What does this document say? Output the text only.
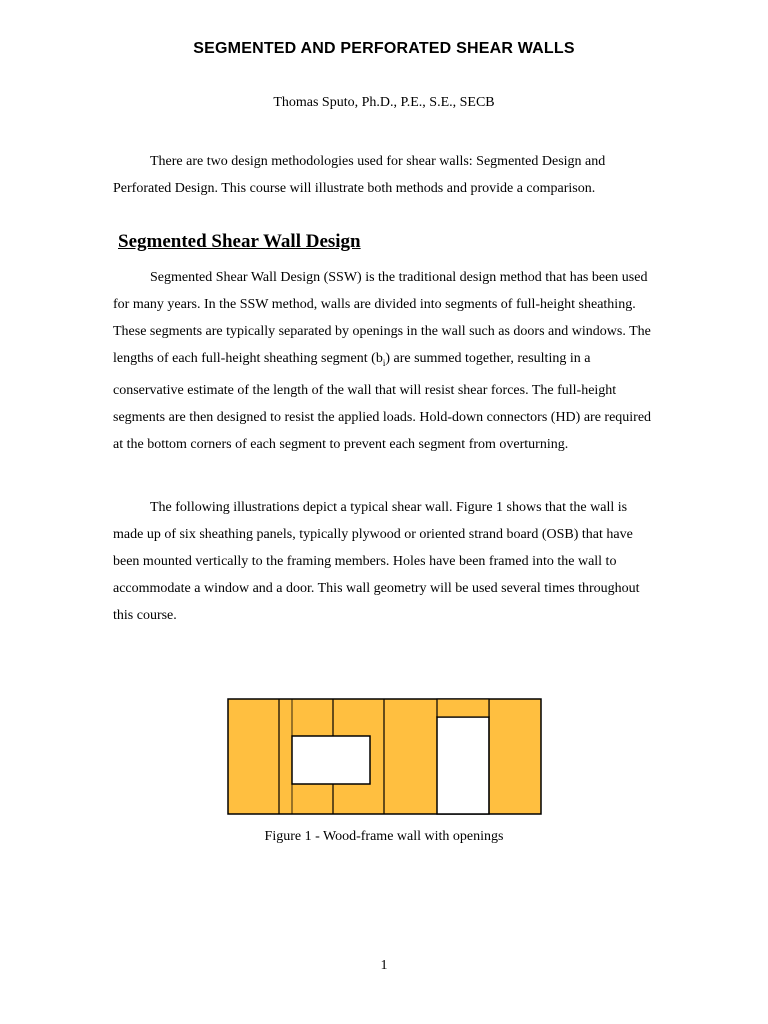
SEGMENTED AND PERFORATED SHEAR WALLS

Thomas Sputo, Ph.D., P.E., S.E., SECB

There are two design methodologies used for shear walls: Segmented Design and Perforated Design. This course will illustrate both methods and provide a comparison.

Segmented Shear Wall Design

Segmented Shear Wall Design (SSW) is the traditional design method that has been used for many years. In the SSW method, walls are divided into segments of full-height sheathing. These segments are typically separated by openings in the wall such as doors and windows. The lengths of each full-height sheathing segment $(b_i)$ are summed together, resulting in a conservative estimate of the length of the wall that will resist shear forces. The full-height segments are then designed to resist the applied loads. Hold-down connectors (HD) are required at the bottom corners of each segment to prevent each segment from overturning.

The following illustrations depict a typical shear wall. Figure 1 shows that the wall is made up of six sheathing panels, typically plywood or oriented strand board (OSB) that have been mounted vertically to the framing members. Holes have been framed into the wall to accommodate a window and a door. This wall geometry will be used several times throughout this course.

Figure 1 - Wood-frame wall with openings

1
